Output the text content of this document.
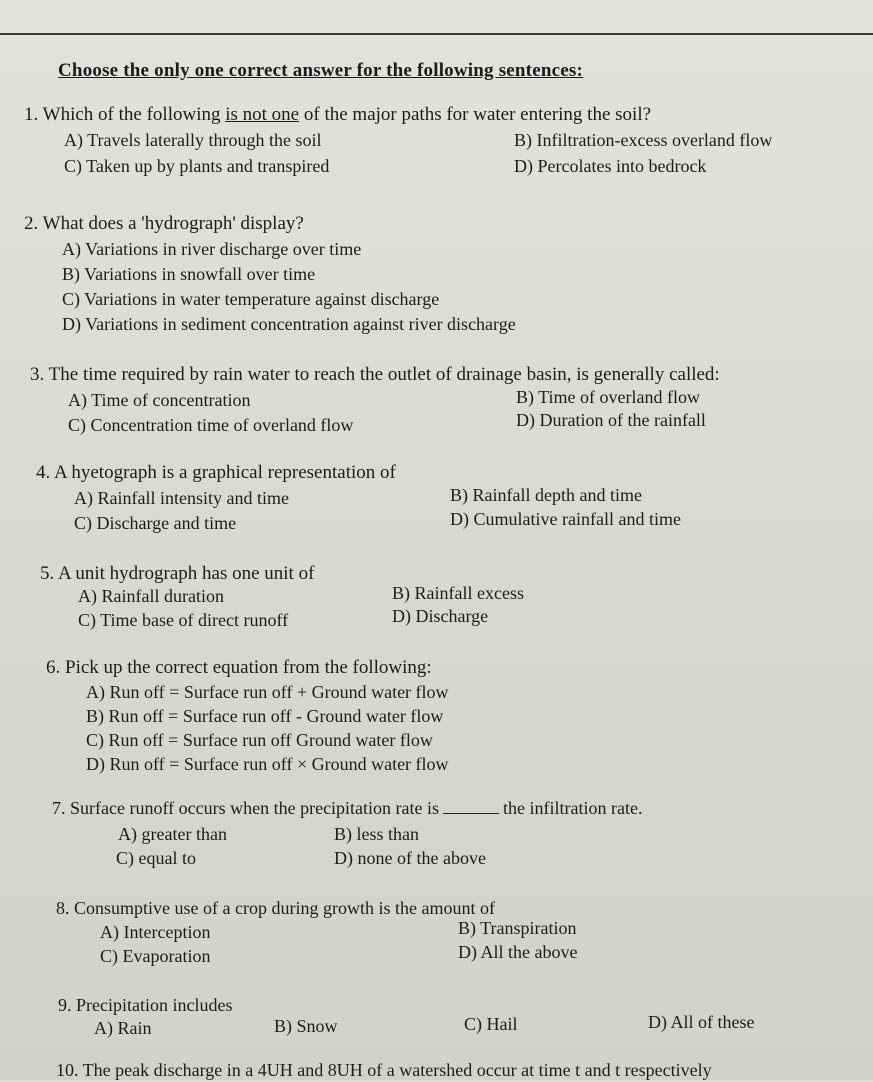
Choose the only one correct answer for the following sentences:
1. Which of the following is not one of the major paths for water entering the soil?
A) Travels laterally through the soil	B) Infiltration-excess overland flow
C) Taken up by plants and transpired	D) Percolates into bedrock
2. What does a 'hydrograph' display?
A) Variations in river discharge over time
B) Variations in snowfall over time
C) Variations in water temperature against discharge
D) Variations in sediment concentration against river discharge
3. The time required by rain water to reach the outlet of drainage basin, is generally called:
A) Time of concentration	B) Time of overland flow
C) Concentration time of overland flow	D) Duration of the rainfall
4. A hyetograph is a graphical representation of
A) Rainfall intensity and time	B) Rainfall depth and time
C) Discharge and time	D) Cumulative rainfall and time
5. A unit hydrograph has one unit of
A) Rainfall duration	B) Rainfall excess
C) Time base of direct runoff	D) Discharge
6. Pick up the correct equation from the following:
A) Run off = Surface run off + Ground water flow
B) Run off = Surface run off - Ground water flow
C) Run off = Surface run off Ground water flow
D) Run off = Surface run off × Ground water flow
7. Surface runoff occurs when the precipitation rate is	the infiltration rate.
A) greater than	B) less than
C) equal to	D) none of the above
8. Consumptive use of a crop during growth is the amount of
A) Interception	B) Transpiration
C) Evaporation	D) All the above
9. Precipitation includes
A) Rain	B) Snow	C) Hail	D) All of these
10. The peak discharge in a 4UH and 8UH of a watershed occur at time t and t respectively
